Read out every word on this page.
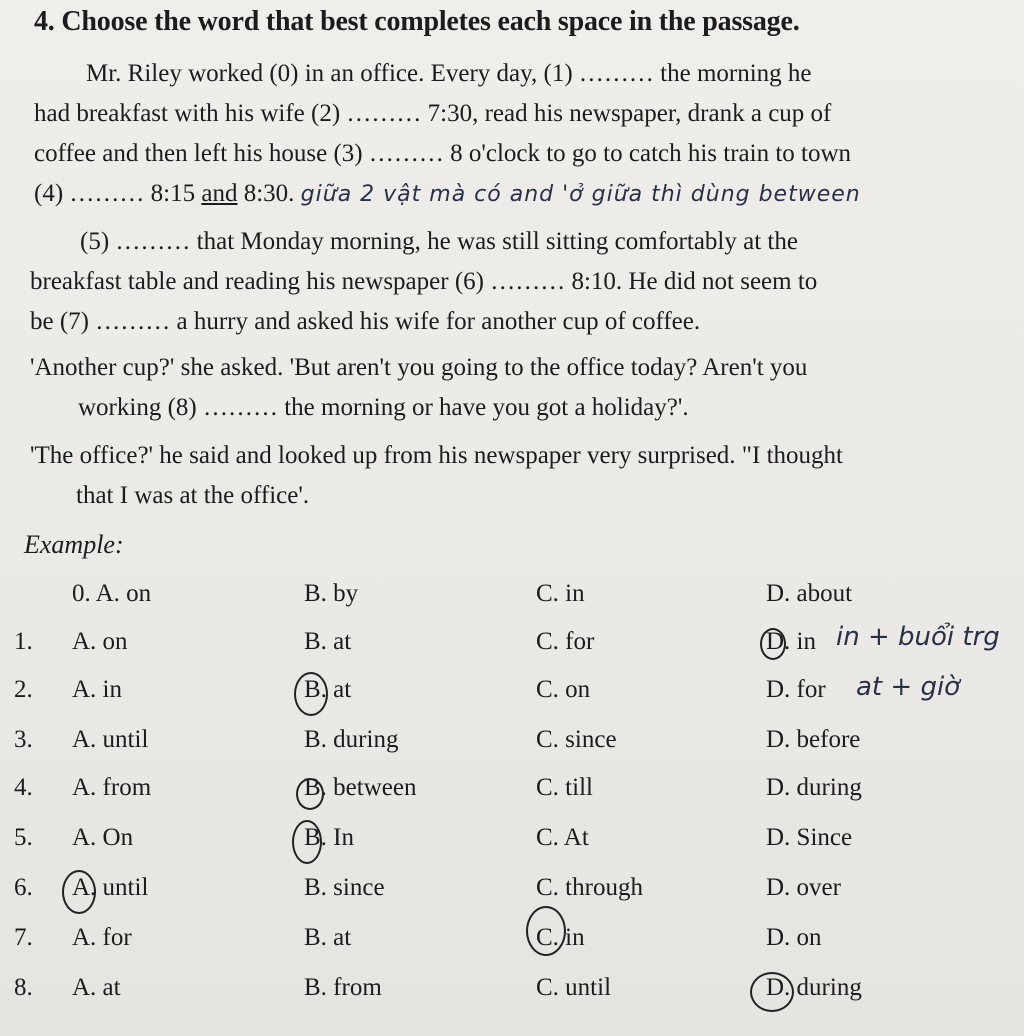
4. Choose the word that best completes each space in the passage.
Mr. Riley worked (0) in an office. Every day, (1) ……… the morning he
had breakfast with his wife (2) ……… 7:30, read his newspaper, drank a cup of
coffee and then left his house (3) ……… 8 o'clock to go to catch his train to town
(4) ……… 8:15 and 8:30. giữa 2 vật mà có and 'ở giữa thì dùng between
(5) ……… that Monday morning, he was still sitting comfortably at the
breakfast table and reading his newspaper (6) ……… 8:10. He did not seem to
be (7) ……… a hurry and asked his wife for another cup of coffee.
'Another cup?' she asked. 'But aren't you going to the office today? Aren't you
working (8) ……… the morning or have you got a holiday?'.
'The office?' he said and looked up from his newspaper very surprised. "I thought
that I was at the office'.
Example:
0. A. on	B. by	C. in	D. about
1. A. on	B. at	C. for	D. in
2. A. in	B. at	C. on	D. for
3. A. until	B. during	C. since	D. before
4. A. from	B. between	C. till	D. during
5. A. On	B. In	C. At	D. Since
6. A. until	B. since	C. through	D. over
7. A. for	B. at	C. in	D. on
8. A. at	B. from	C. until	D. during
in + buổi trg
at + giờ
